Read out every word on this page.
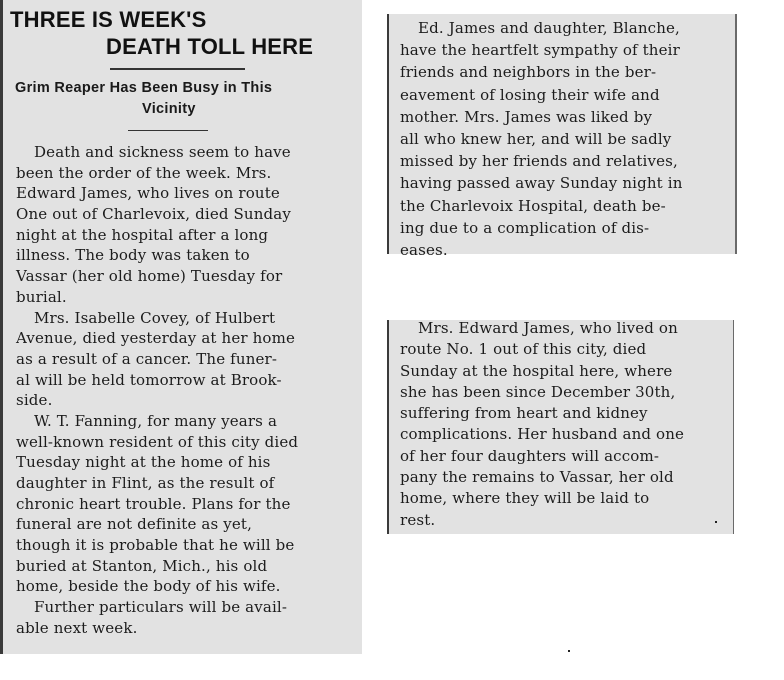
THREE IS WEEK'S
DEATH TOLL HERE
Grim Reaper Has Been Busy in This
Vicinity
Death and sickness seem to have
been the order of the week. Mrs.
Edward James, who lives on route
One out of Charlevoix, died Sunday
night at the hospital after a long
illness. The body was taken to
Vassar (her old home) Tuesday for
burial.
Mrs. Isabelle Covey, of Hulbert
Avenue, died yesterday at her home
as a result of a cancer. The funer-
al will be held tomorrow at Brook-
side.
W. T. Fanning, for many years a
well-known resident of this city died
Tuesday night at the home of his
daughter in Flint, as the result of
chronic heart trouble. Plans for the
funeral are not definite as yet,
though it is probable that he will be
buried at Stanton, Mich., his old
home, beside the body of his wife.
Further particulars will be avail-
able next week.
Ed. James and daughter, Blanche,
have the heartfelt sympathy of their
friends and neighbors in the ber-
eavement of losing their wife and
mother. Mrs. James was liked by
all who knew her, and will be sadly
missed by her friends and relatives,
having passed away Sunday night in
the Charlevoix Hospital, death be-
ing due to a complication of dis-
eases.
Mrs. Edward James, who lived on
route No. 1 out of this city, died
Sunday at the hospital here, where
she has been since December 30th,
suffering from heart and kidney
complications. Her husband and one
of her four daughters will accom-
pany the remains to Vassar, her old
home, where they will be laid to
rest.
